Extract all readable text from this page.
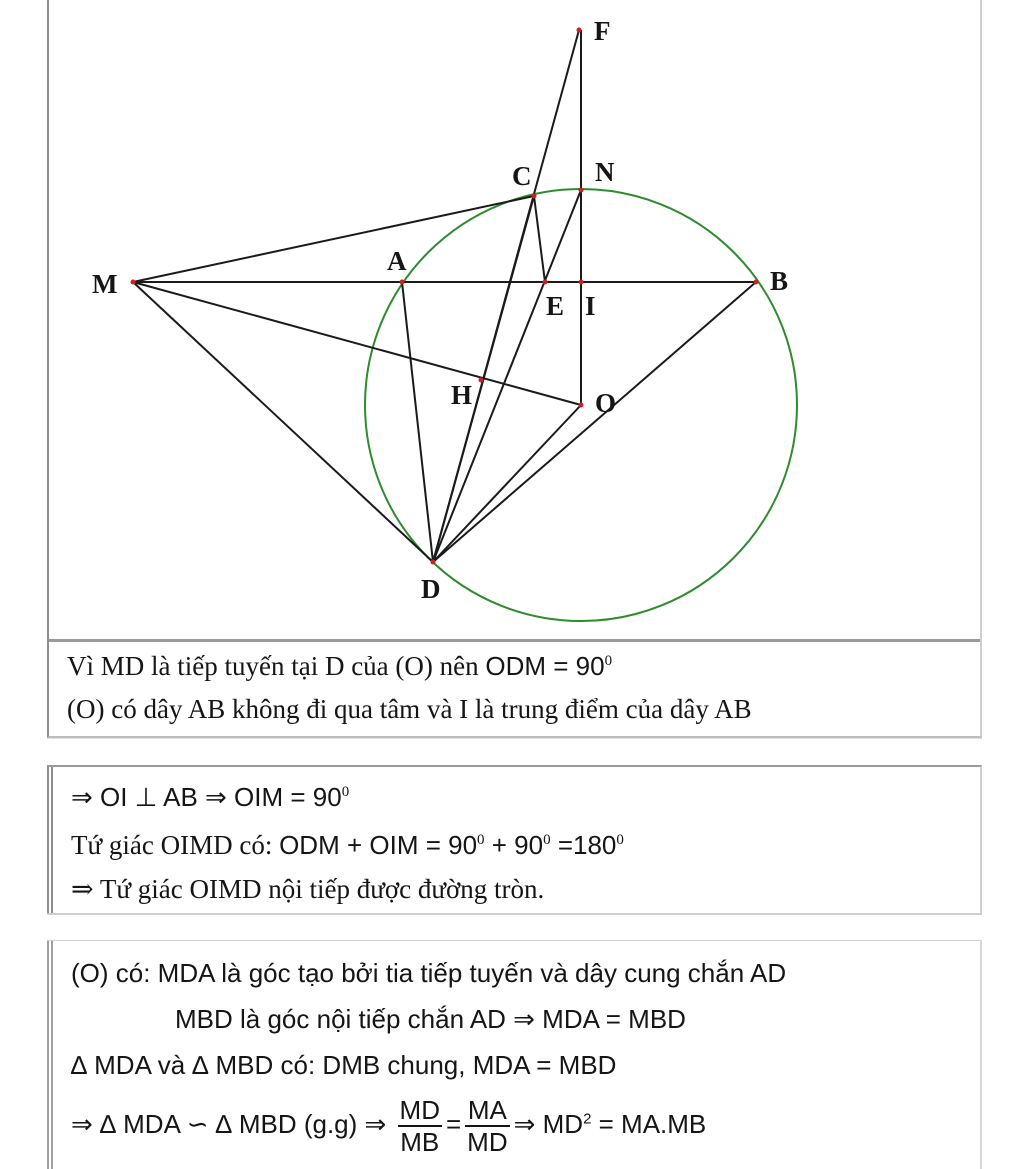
F
C N
M
A
B
E I
H	O
D
Vì MD là tiếp tuyến tại D của (O) nên ODM = $90^0$
(O) có dây AB không đi qua tâm và I là trung điểm của dây AB
⇒ OI ⊥ AB ⇒ OIM = $90^0$
Tứ giác OIMD có: ODM + OIM = $90^0 + 90^0 =180^0$
⇒ Tứ giác OIMD nội tiếp được đường tròn.
(O) có: MDA là góc tạo bởi tia tiếp tuyến và dây cung chắn AD
MBD là góc nội tiếp chắn AD ⇒ MDA = MBD
∆ MDA và ∆ MBD có: DMB chung, MDA = MBD
⇒ ∆ MDA ∽ ∆ MBD (g.g) ⇒ $\frac{MD}{MB} = \frac{MA}{MD}$ ⇒ $MD^2 = MA.MB$
